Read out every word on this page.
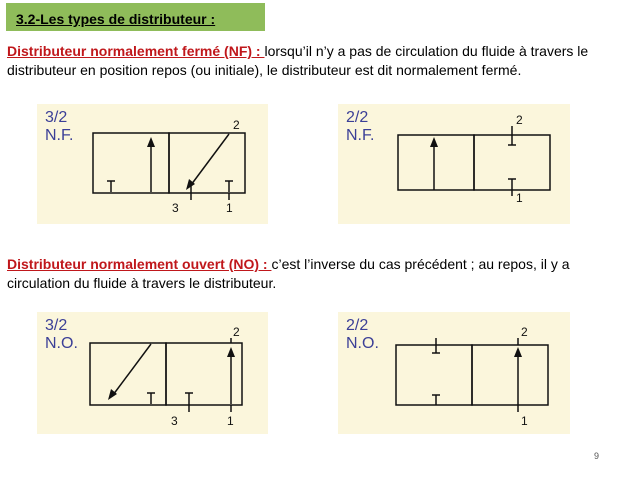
3.2-Les types de distributeur :
Distributeur normalement fermé (NF) : lorsqu’il n’y a pas de circulation du fluide à travers le distributeur en position repos (ou initiale), le distributeur est dit normalement fermé.
3/2
N.F.
2
3	1
2/2
N.F.
2
1
Distributeur normalement ouvert (NO) : c’est l’inverse du cas précédent ; au repos, il y a circulation du fluide à travers le distributeur.
3/2
N.O.
2
3	1
2/2
N.O.
2
1
9
